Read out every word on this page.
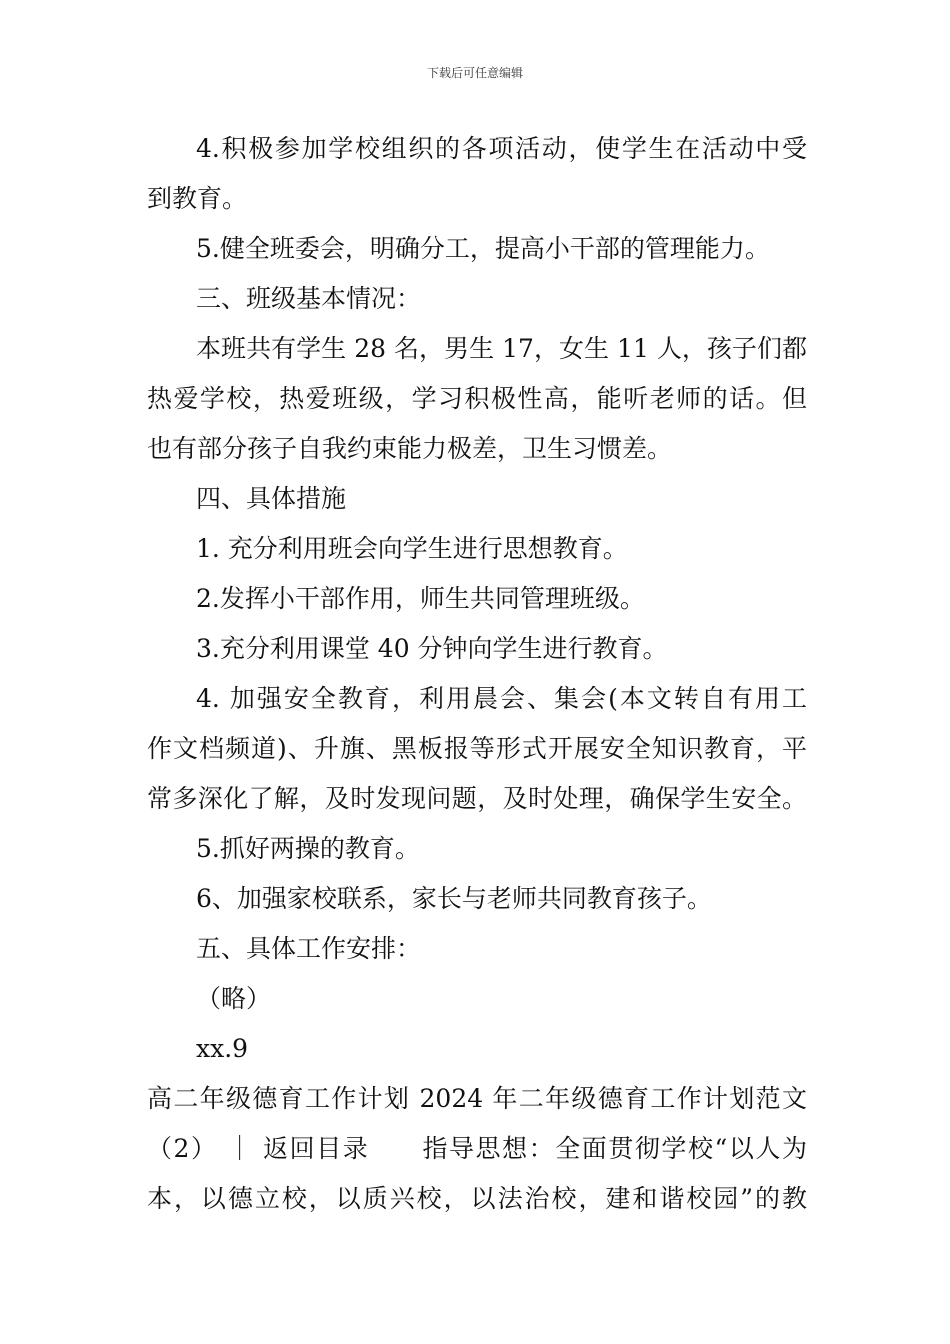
下载后可任意编辑
4.积极参加学校组织的各项活动，使学生在活动中受
到教育。
5.健全班委会，明确分工，提高小干部的管理能力。
三、班级基本情况：
本班共有学生 28 名，男生 17，女生 11 人，孩子们都
热爱学校，热爱班级，学习积极性高，能听老师的话。但
也有部分孩子自我约束能力极差，卫生习惯差。
四、具体措施
1. 充分利用班会向学生进行思想教育。
2.发挥小干部作用，师生共同管理班级。
3.充分利用课堂 40 分钟向学生进行教育。
4. 加强安全教育，利用晨会、集会(本文转自有用工
作文档频道)、升旗、黑板报等形式开展安全知识教育，平
常多深化了解，及时发现问题，及时处理，确保学生安全。
5.抓好两操的教育。
6、加强家校联系，家长与老师共同教育孩子。
五、具体工作安排：
（略）
xx.9
高二年级德育工作计划 2024 年二年级德育工作计划范文
（2） ｜ 返回目录　　指导思想：全面贯彻学校“以人为
本，以德立校，以质兴校，以法治校，建和谐校园”的教
